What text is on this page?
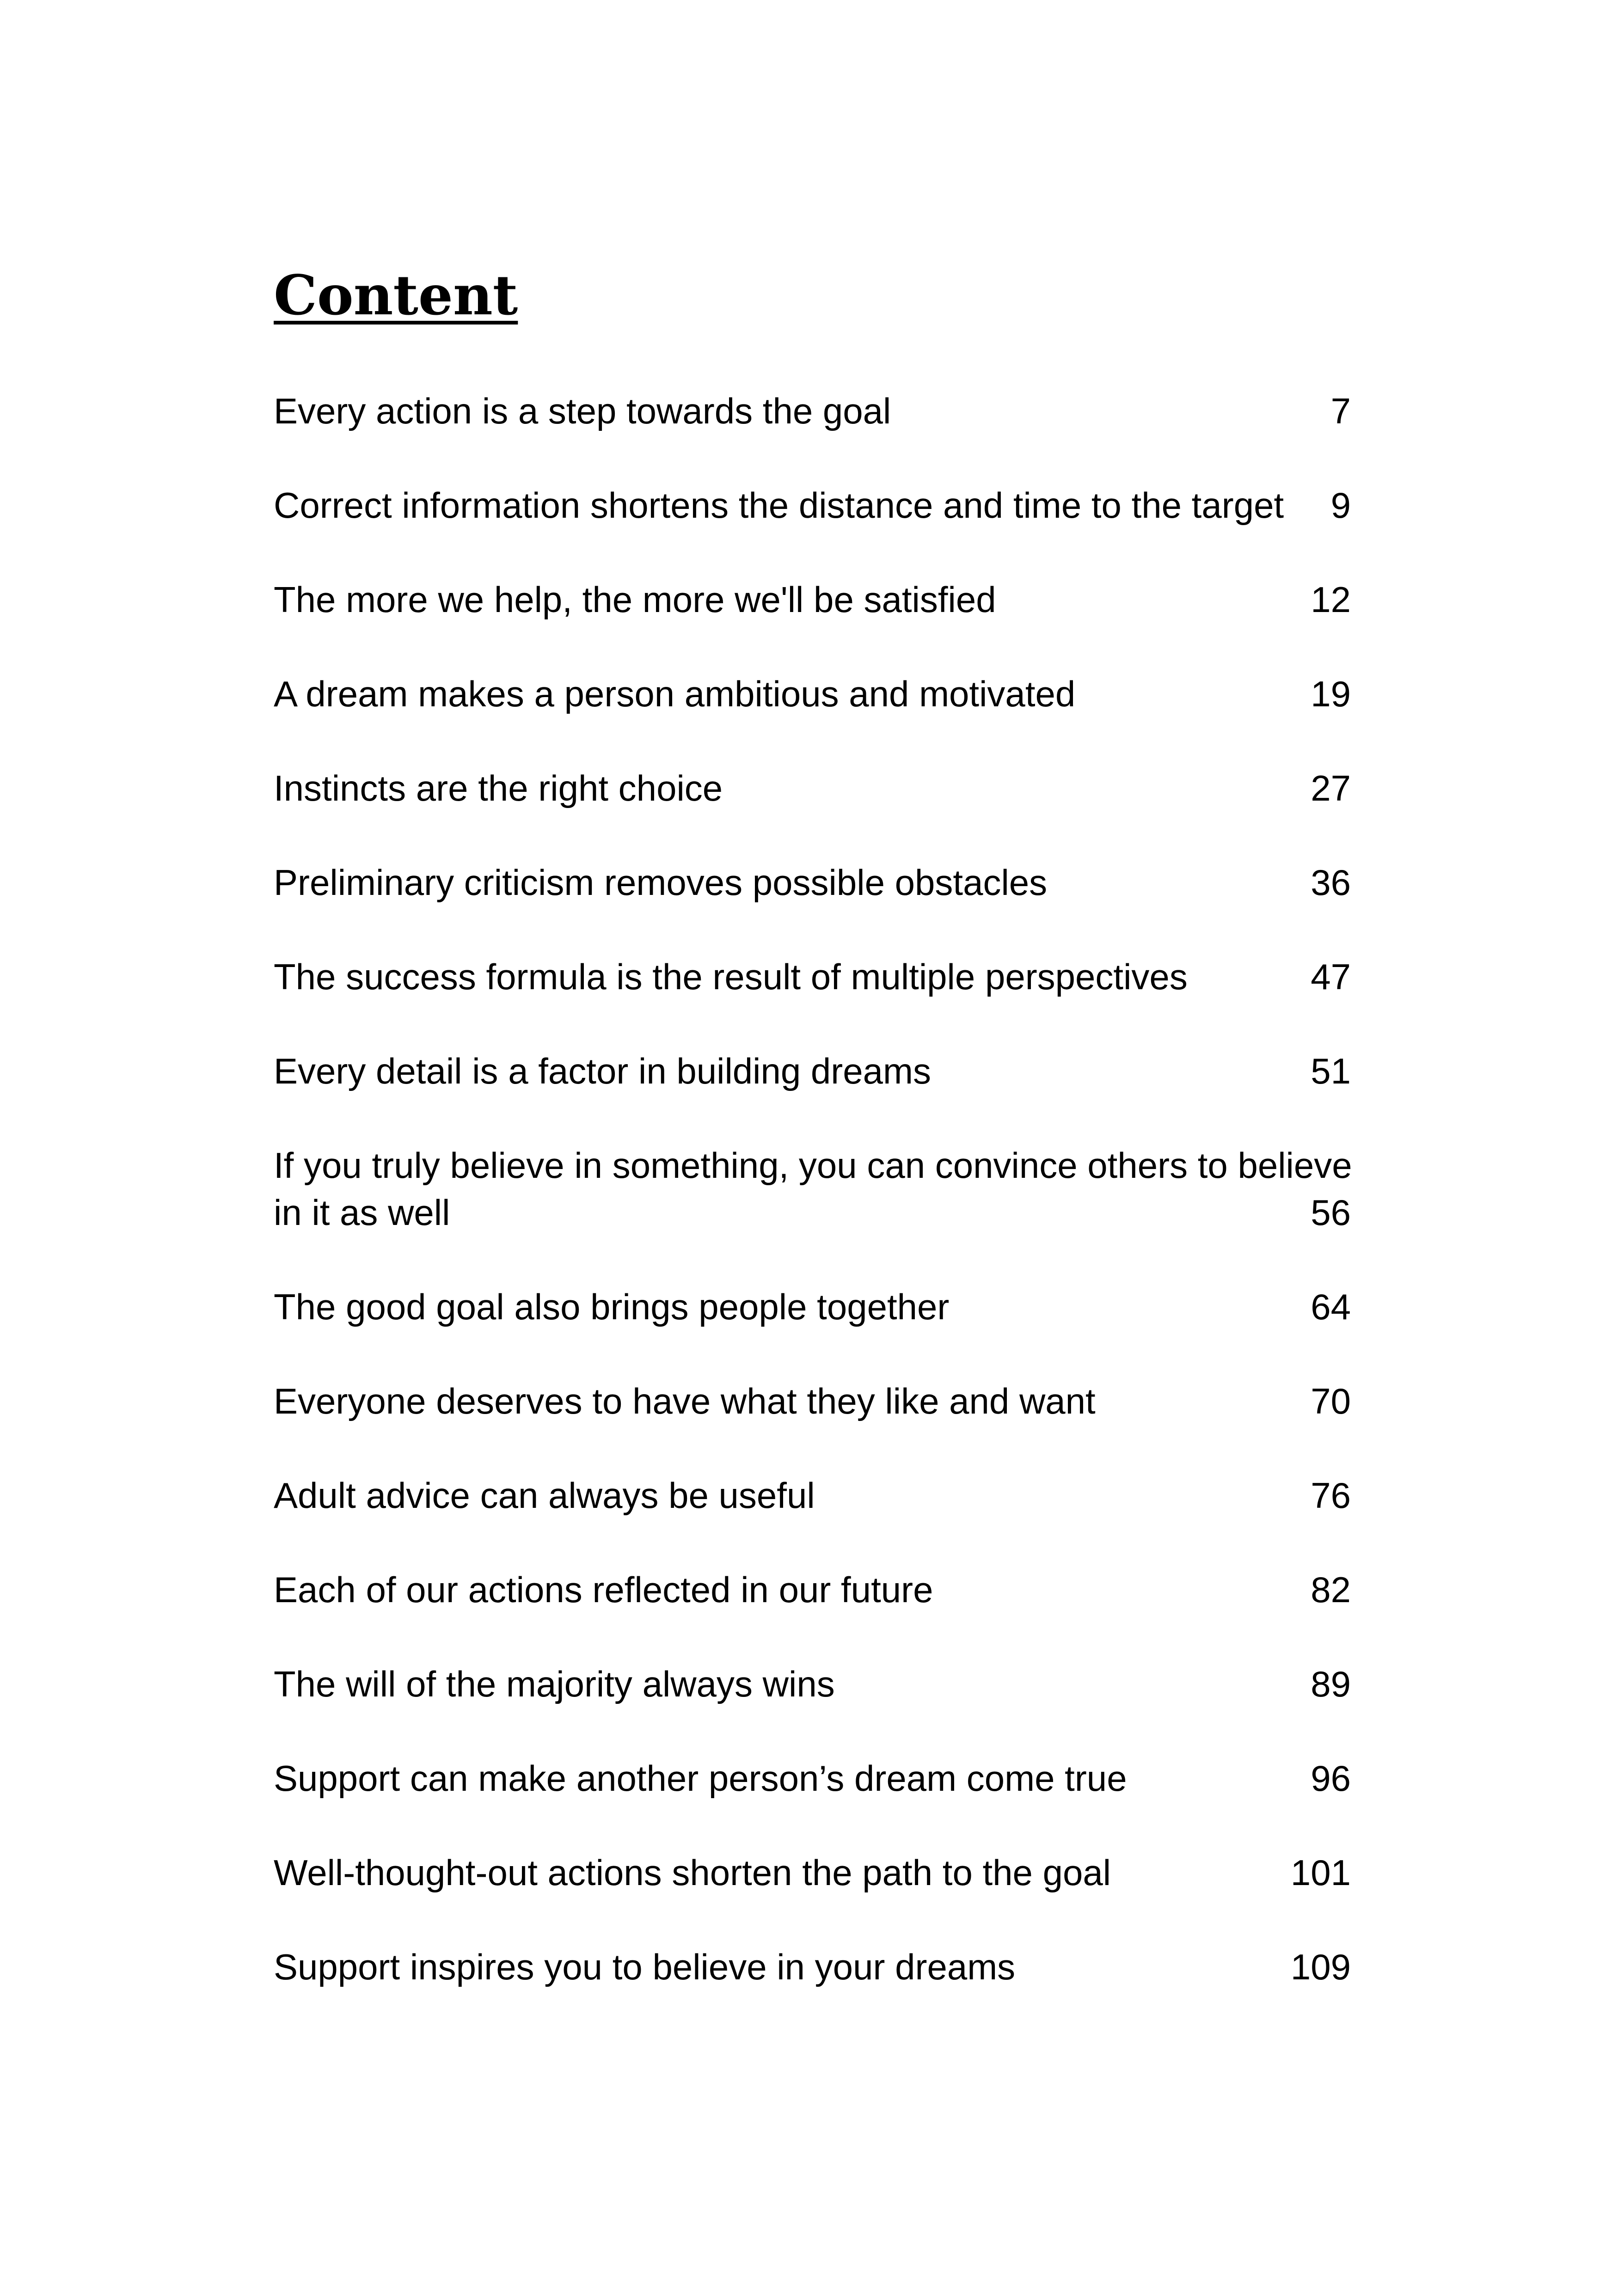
Content
Every action is a step towards the goal	7
Correct information shortens the distance and time to the target	9
The more we help, the more we'll be satisfied	12
A dream makes a person ambitious and motivated	19
Instincts are the right choice	27
Preliminary criticism removes possible obstacles	36
The success formula is the result of multiple perspectives	47
Every detail is a factor in building dreams	51
If you truly believe in something, you can convince others to believe in it as well	56
The good goal also brings people together	64
Everyone deserves to have what they like and want	70
Adult advice can always be useful	76
Each of our actions reflected in our future	82
The will of the majority always wins	89
Support can make another person’s dream come true	96
Well-thought-out actions shorten the path to the goal	101
Support inspires you to believe in your dreams	109
